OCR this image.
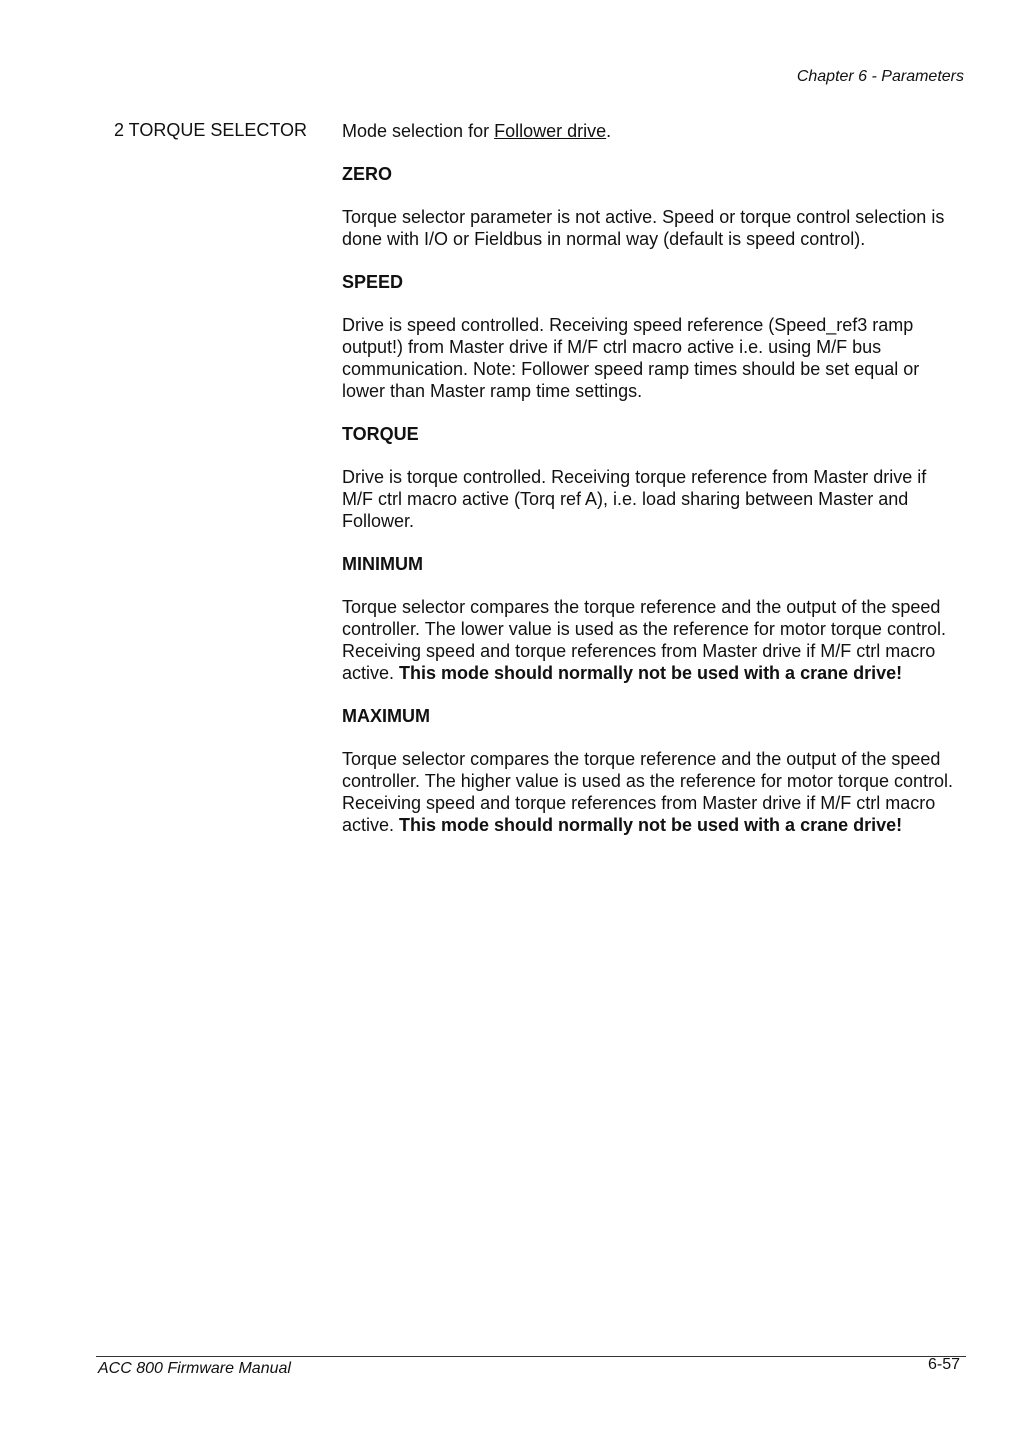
Chapter 6 - Parameters
2 TORQUE SELECTOR Mode selection for Follower drive.

ZERO

Torque selector parameter is not active. Speed or torque control selection is done with I/O or Fieldbus in normal way (default is speed control).

SPEED

Drive is speed controlled. Receiving speed reference (Speed_ref3 ramp output!) from Master drive if M/F ctrl macro active i.e. using M/F bus communication. Note: Follower speed ramp times should be set equal or lower than Master ramp time settings.

TORQUE

Drive is torque controlled. Receiving torque reference from Master drive if M/F ctrl macro active (Torq ref A), i.e. load sharing between Master and Follower.

MINIMUM

Torque selector compares the torque reference and the output of the speed controller. The lower value is used as the reference for motor torque control. Receiving speed and torque references from Master drive if M/F ctrl macro active. This mode should normally not be used with a crane drive!

MAXIMUM

Torque selector compares the torque reference and the output of the speed controller. The higher value is used as the reference for motor torque control. Receiving speed and torque references from Master drive if M/F ctrl macro active. This mode should normally not be used with a crane drive!

ACC 800 Firmware Manual	6-57
